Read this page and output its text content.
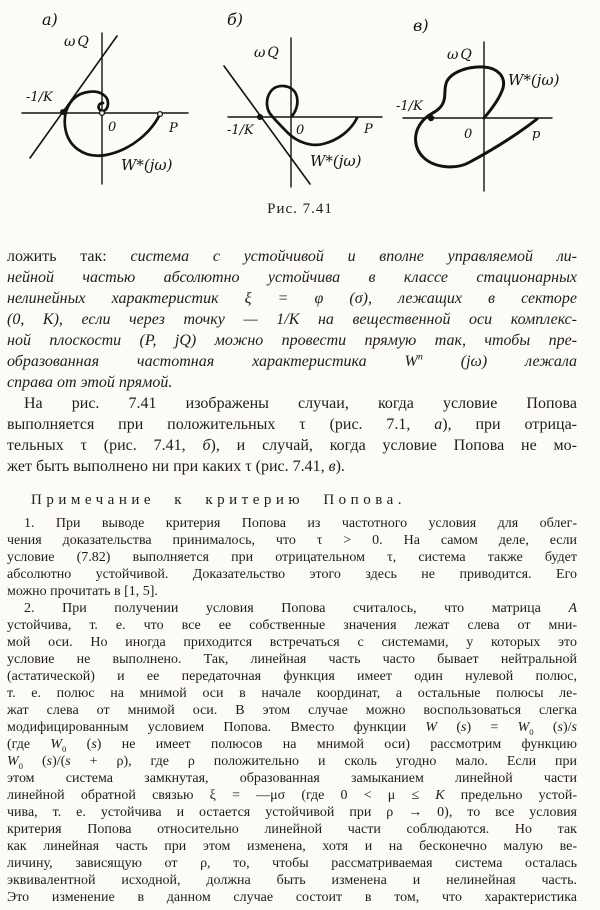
а)
ωQ
-1/K
0	P
W*(jω)
б)
ωQ
-1/K	0	P
W*(jω)
в)
ωQ
-1/K
0	р
W*(jω)
Рис. 7.41
ложить так: система с устойчивой и вполне управляемой ли-
нейной частью абсолютно устойчива в классе стационарных
нелинейных характеристик ξ = φ (σ), лежащих в секторе
(0, K), если через точку — 1/K на вещественной оси комплекс-
ной плоскости (P, jQ) можно провести прямую так, чтобы пре-
образованная частотная характеристика $W^п$ (jω) лежала
справа от этой прямой.
На рис. 7.41 изображены случаи, когда условие Попова
выполняется при положительных τ (рис. 7.1, а), при отрица-
тельных τ (рис. 7.41, б), и случай, когда условие Попова не мо-
жет быть выполнено ни при каких τ (рис. 7.41, в).
Примечание к критерию Попова.
1. При выводе критерия Попова из частотного условия для облег-
чения доказательства принималось, что τ > 0. На самом деле, если
условие (7.82) выполняется при отрицательном τ, система также будет
абсолютно устойчивой. Доказательство этого здесь не приводится. Его
можно прочитать в [1, 5].
2. При получении условия Попова считалось, что матрица А
устойчива, т. е. что все ее собственные значения лежат слева от мни-
мой оси. Но иногда приходится встречаться с системами, у которых это
условие не выполнено. Так, линейная часть часто бывает нейтральной
(астатической) и ее передаточная функция имеет один нулевой полюс,
т. е. полюс на мнимой оси в начале координат, а остальные полюсы ле-
жат слева от мнимой оси. В этом случае можно воспользоваться слегка
модифицированным условием Попова. Вместо функции W $(s) = W_0$ (s)/s
(где $W_0$ (s) не имеет полюсов на мнимой оси) рассмотрим функцию
$W_0$ (s)/(s + ρ), где ρ положительно и сколь угодно мало. Если при
этом система замкнутая, образованная замыканием линейной части
линейной обратной связью ξ = —μσ (где 0 < μ ≤ K предельно устой-
чива, т. е. устойчива и остается устойчивой при ρ → 0), то все условия
критерия Попова относительно линейной части соблюдаются. Но так
как линейная часть при этом изменена, хотя и на бесконечно малую ве-
личину, зависящую от ρ, то, чтобы рассматриваемая система осталась
эквивалентной исходной, должна быть изменена и нелинейная часть.
Это изменение в данном случае состоит в том, что характеристика
